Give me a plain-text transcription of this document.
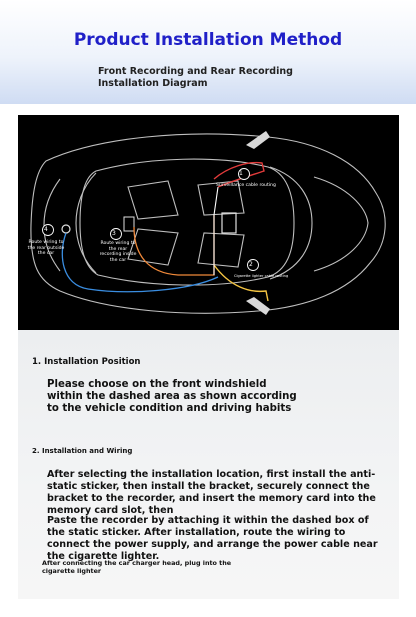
Product Installation Method
Front Recording and Rear Recording Installation Diagram
1
Surveillance cable routing
2
Cigarette lighter cable routing
3
Route wiring to the rear recording inside the car
4
Route wiring to the rear outside the car
1. Installation Position
Please choose on the front windshield within the dashed area as shown according to the vehicle condition and driving habits
2. Installation and Wiring
After selecting the installation location, first install the anti-static sticker, then install the bracket, securely connect the bracket to the recorder, and insert the memory card into the memory card slot, then
Paste the recorder by attaching it within the dashed box of the static sticker. After installation, route the wiring to connect the power supply, and arrange the power cable near the cigarette lighter.
After connecting the car charger head, plug into the cigarette lighter
